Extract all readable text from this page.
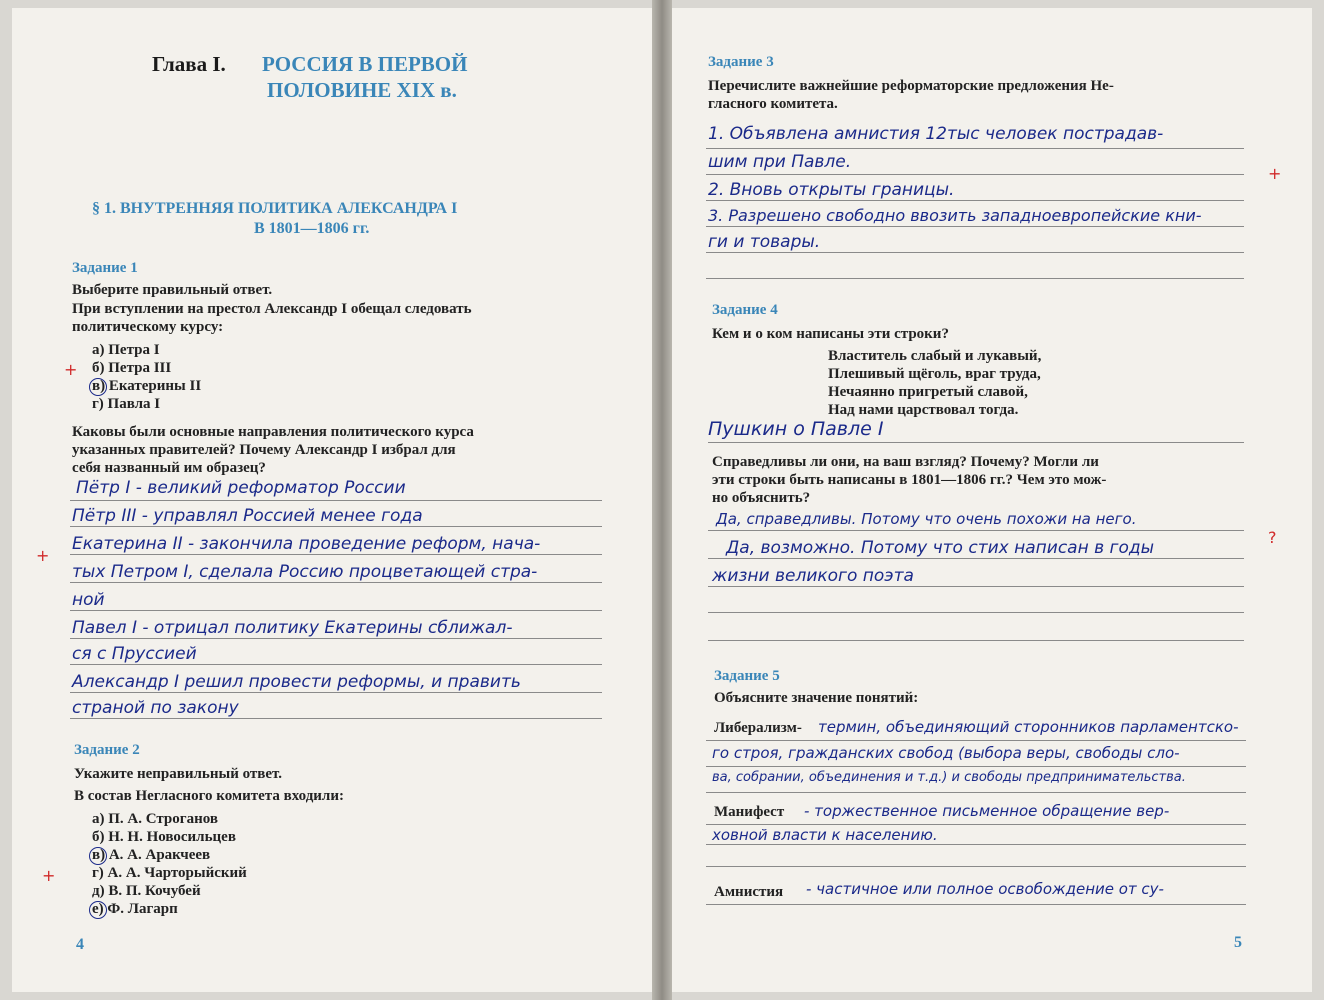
Глава I. РОССИЯ В ПЕРВОЙ
ПОЛОВИНЕ XIX в.
§ 1. ВНУТРЕННЯЯ ПОЛИТИКА АЛЕКСАНДРА I
В 1801—1806 гг.
Задание 1
Выберите правильный ответ.
При вступлении на престол Александр I обещал следовать
политическому курсу:
а) Петра I
б) Петра III
в) Екатерины II
г) Павла I
+
Каковы были основные направления политического курса
указанных правителей? Почему Александр I избрал для
себя названный им образец?
Пётр I - великий реформатор России
Пётр III - управлял Россией менее года
Екатерина II - закончила проведение реформ, нача-
тых Петром I, сделала Россию процветающей стра-
ной
Павел I - отрицал политику Екатерины сближал-
ся с Пруссией
Александр I решил провести реформы, и править
страной по закону
+
Задание 2
Укажите неправильный ответ.
В состав Негласного комитета входили:
а) П. А. Строганов
б) Н. Н. Новосильцев
в) А. А. Аракчеев
г) А. А. Чарторыйский
д) В. П. Кочубей
е) Ф. Лагарп
+
4
Задание 3
Перечислите важнейшие реформаторские предложения Не-
гласного комитета.
1. Объявлена амнистия 12тыс человек пострадав-
шим при Павле.
2. Вновь открыты границы.
3. Разрешено свободно ввозить западноевропейские кни-
ги и товары.
+
Задание 4
Кем и о ком написаны эти строки?
Властитель слабый и лукавый,
Плешивый щёголь, враг труда,
Нечаянно пригретый славой,
Над нами царствовал тогда.
Пушкин о Павле I
Справедливы ли они, на ваш взгляд? Почему? Могли ли
эти строки быть написаны в 1801—1806 гг.? Чем это мож-
но объяснить?
Да, справедливы. Потому что очень похожи на него.
Да, возможно. Потому что стих написан в годы
жизни великого поэта
?
Задание 5
Объясните значение понятий:
Либерализм- термин, объединяющий сторонников парламентско-
го строя, гражданских свобод (выбора веры, свободы сло-
ва, собрании, объединения и т.д.) и свободы предпринимательства.
Манифест - торжественное письменное обращение вер-
ховной власти к населению.
Амнистия - частичное или полное освобождение от су-
5
